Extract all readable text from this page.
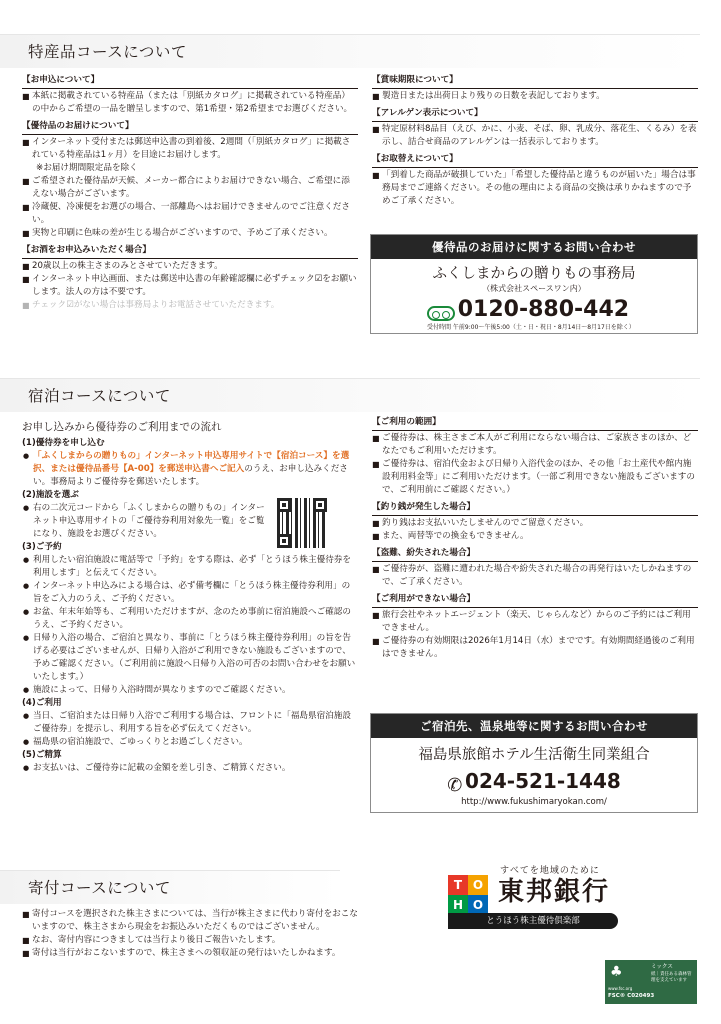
特産品コースについて
【お申込について】

■ 本紙に掲載されている特産品（または「別紙カタログ」に掲載されている特産品）の中からご希望の一品を贈呈しますので、第1希望・第2希望までお選びください。

【優待品のお届けについて】

■ インターネット受付または郵送申込書の到着後、2週間（「別紙カタログ」に掲載されている特産品は1ヶ月）を目途にお届けします。

※お届け期間限定品を除く

■ ご希望された優待品が天候、メーカー都合によりお届けできない場合、ご希望に添えない場合がございます。

■ 冷蔵便、冷凍便をお選びの場合、一部離島へはお届けできませんのでご注意ください。

■ 実物と印刷に色味の差が生じる場合がございますので、予めご了承ください。

【お酒をお申込みいただく場合】

■ 20歳以上の株主さまのみとさせていただきます。

■ インターネット申込画面、または郵送申込書の年齢確認欄に必ずチェック☑をお願いします。法人の方は不要です。

■ チェック☑がない場合は事務局よりお電話させていただきます。

【賞味期限について】

■ 製造日または出荷日より残りの日数を表記しております。

【アレルゲン表示について】

■ 特定原材料8品目（えび、かに、小麦、そば、卵、乳成分、落花生、くるみ）を表示し、詰合せ商品のアレルゲンは一括表示しております。

【お取替えについて】

■ 「到着した商品が破損していた」「希望した優待品と違うものが届いた」場合は事務局までご連絡ください。その他の理由による商品の交換は承りかねますので予めご了承ください。

優待品のお届けに関するお問い合わせ
ふくしまからの贈りもの事務局
（株式会社スペースワン内）
0120-880-442
受付時間 午前9:00〜午後5:00（土・日・祝日・8月14日〜8月17日を除く）
宿泊コースについて

お申し込みから優待券のご利用までの流れ

(1)優待券を申し込む

● 「ふくしまからの贈りもの」インターネット申込専用サイトで【宿泊コース】を選択、または優待品番号【A-00】を郵送申込書へご記入のうえ、お申し込みください。事務局よりご優待券を郵送いたします。

(2)施設を選ぶ

● 右の二次元コードから「ふくしまからの贈りもの」インターネット申込専用サイトの「ご優待券利用対象先一覧」をご覧になり、施設をお選びください。

(3)ご予約

● 利用したい宿泊施設に電話等で「予約」をする際は、必ず「とうほう株主優待券を利用します」と伝えてください。

● インターネット申込みによる場合は、必ず備考欄に「とうほう株主優待券利用」の旨をご入力のうえ、ご予約ください。

● お盆、年末年始等も、ご利用いただけますが、念のため事前に宿泊施設へご確認のうえ、ご予約ください。

● 日帰り入浴の場合、ご宿泊と異なり、事前に「とうほう株主優待券利用」の旨を告げる必要はございませんが、日帰り入浴がご利用できない施設もございますので、予めご確認ください。（ご利用前に施設へ日帰り入浴の可否のお問い合わせをお願いいたします。）

● 施設によって、日帰り入浴時間が異なりますのでご確認ください。

(4)ご利用

● 当日、ご宿泊または日帰り入浴でご利用する場合は、フロントに「福島県宿泊施設ご優待券」を提示し、利用する旨を必ず伝えてください。

● 福島県の宿泊施設で、ごゆっくりとお過ごしください。

(5)ご精算

● お支払いは、ご優待券に記載の金額を差し引き、ご精算ください。

【ご利用の範囲】

■ ご優待券は、株主さまご本人がご利用にならない場合は、ご家族さまのほか、どなたでもご利用いただけます。

■ ご優待券は、宿泊代金および日帰り入浴代金のほか、その他「お土産代や館内施設利用料金等」にご利用いただけます。（一部ご利用できない施設もございますので、ご利用前にご確認ください。）

【釣り銭が発生した場合】

■ 釣り銭はお支払いいたしませんのでご留意ください。

■ また、両替等での換金もできません。

【盗難、紛失された場合】

■ ご優待券が、盗難に遭われた場合や紛失された場合の再発行はいたしかねますので、ご了承ください。

【ご利用ができない場合】

■ 旅行会社やネットエージェント（楽天、じゃらんなど）からのご予約にはご利用できません。

■ ご優待券の有効期限は2026年1月14日（水）までです。有効期間経過後のご利用はできません。

ご宿泊先、温泉地等に関するお問い合わせ
福島県旅館ホテル生活衛生同業組合
✆ 024-521-1448
http://www.fukushimaryokan.com/
寄付コースについて

■ 寄付コースを選択された株主さまについては、当行が株主さまに代わり寄付をおこないますので、株主さまから現金をお振込みいただくものではございません。

■ なお、寄付内容につきましては当行より後日ご報告いたします。

■ 寄付は当行がおこないますので、株主さまへの領収証の発行はいたしかねます。

T O
H O
すべてを地域のために
東邦銀行
とうほう株主優待倶楽部
♣	ミックス
紙｜責任ある森林管理を支えています
www.fsc.org
FSC® C020493
